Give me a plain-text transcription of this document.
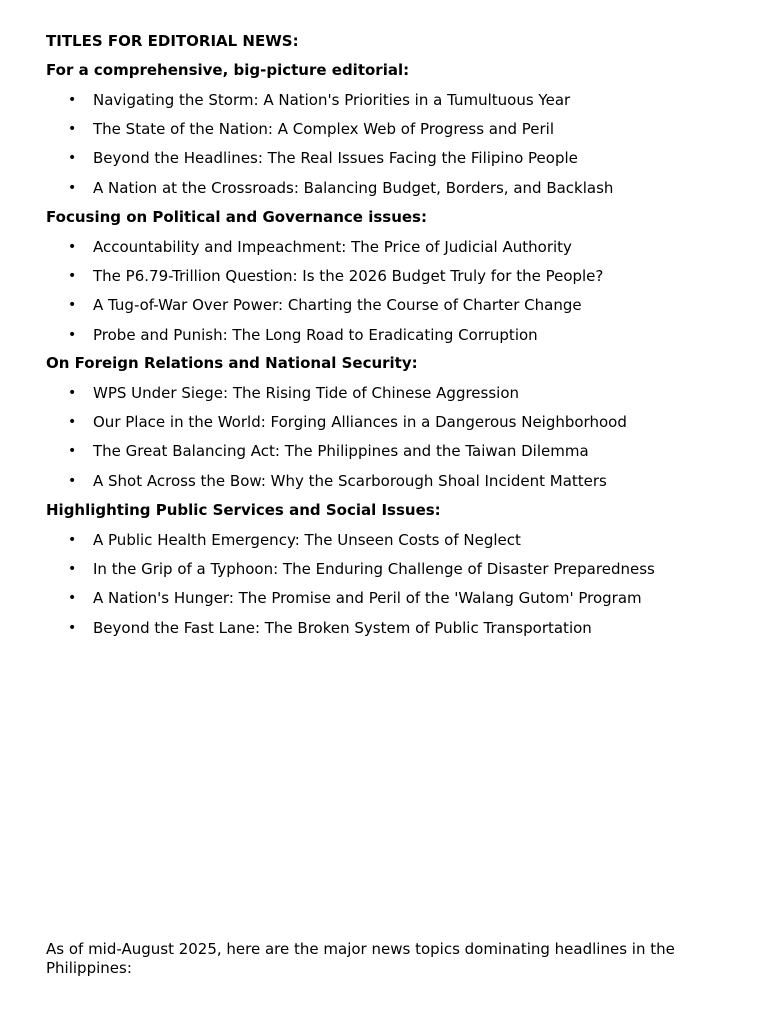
TITLES FOR EDITORIAL NEWS:
For a comprehensive, big-picture editorial:
• Navigating the Storm: A Nation's Priorities in a Tumultuous Year
• The State of the Nation: A Complex Web of Progress and Peril
• Beyond the Headlines: The Real Issues Facing the Filipino People
• A Nation at the Crossroads: Balancing Budget, Borders, and Backlash
Focusing on Political and Governance issues:
• Accountability and Impeachment: The Price of Judicial Authority
• The P6.79-Trillion Question: Is the 2026 Budget Truly for the People?
• A Tug-of-War Over Power: Charting the Course of Charter Change
• Probe and Punish: The Long Road to Eradicating Corruption
On Foreign Relations and National Security:
• WPS Under Siege: The Rising Tide of Chinese Aggression
• Our Place in the World: Forging Alliances in a Dangerous Neighborhood
• The Great Balancing Act: The Philippines and the Taiwan Dilemma
• A Shot Across the Bow: Why the Scarborough Shoal Incident Matters
Highlighting Public Services and Social Issues:
• A Public Health Emergency: The Unseen Costs of Neglect
• In the Grip of a Typhoon: The Enduring Challenge of Disaster Preparedness
• A Nation's Hunger: The Promise and Peril of the 'Walang Gutom' Program
• Beyond the Fast Lane: The Broken System of Public Transportation
As of mid-August 2025, here are the major news topics dominating headlines in the Philippines:
